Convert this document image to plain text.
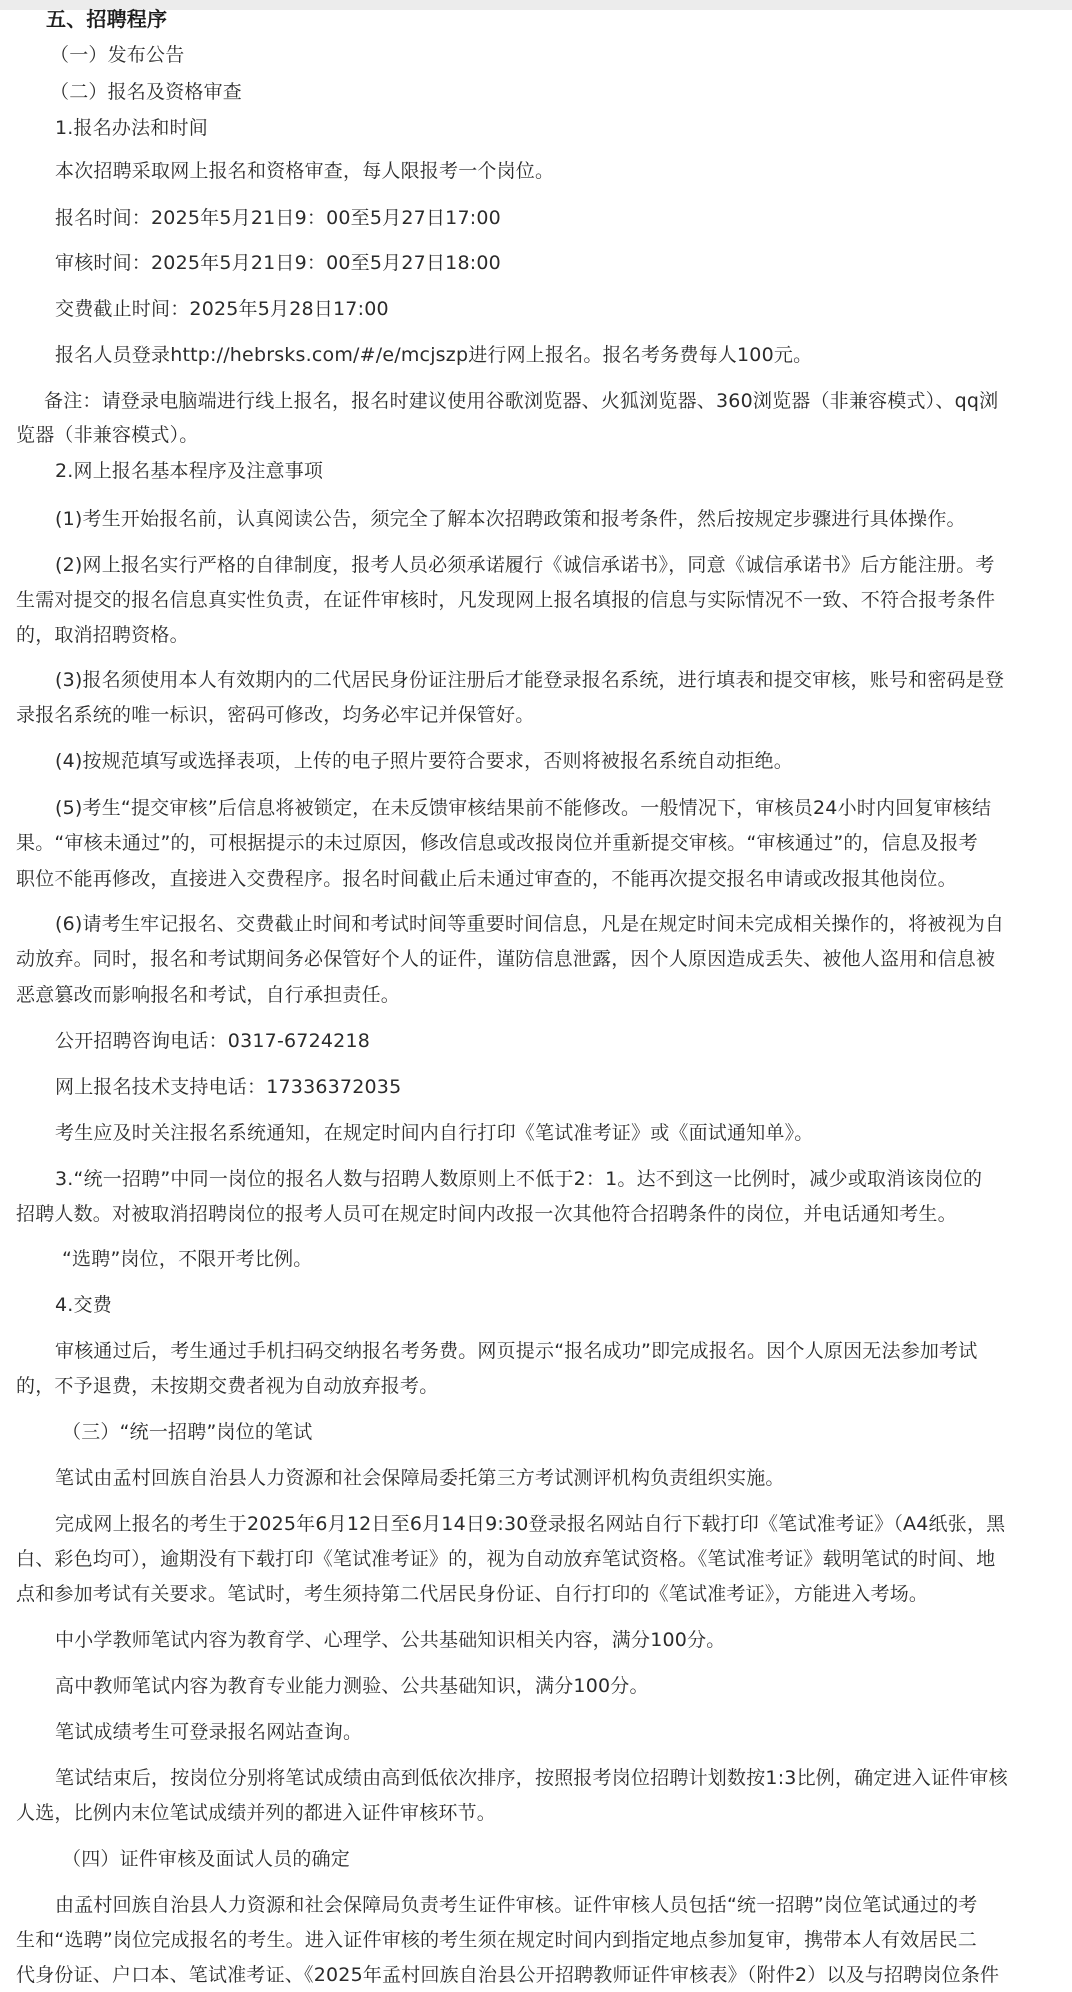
五、招聘程序
（一）发布公告
（二）报名及资格审查
1.报名办法和时间
本次招聘采取网上报名和资格审查，每人限报考一个岗位。
报名时间：2025年5月21日9：00至5月27日17:00
审核时间：2025年5月21日9：00至5月27日18:00
交费截止时间：2025年5月28日17:00
报名人员登录http://hebrsks.com/#/e/mcjszp进行网上报名。报名考务费每人100元。
备注：请登录电脑端进行线上报名，报名时建议使用谷歌浏览器、火狐浏览器、360浏览器（非兼容模式）、qq浏
览器（非兼容模式）。
2.网上报名基本程序及注意事项
(1)考生开始报名前，认真阅读公告，须完全了解本次招聘政策和报考条件，然后按规定步骤进行具体操作。
(2)网上报名实行严格的自律制度，报考人员必须承诺履行《诚信承诺书》，同意《诚信承诺书》后方能注册。考
生需对提交的报名信息真实性负责，在证件审核时，凡发现网上报名填报的信息与实际情况不一致、不符合报考条件
的，取消招聘资格。
(3)报名须使用本人有效期内的二代居民身份证注册后才能登录报名系统，进行填表和提交审核，账号和密码是登
录报名系统的唯一标识，密码可修改，均务必牢记并保管好。
(4)按规范填写或选择表项，上传的电子照片要符合要求，否则将被报名系统自动拒绝。
(5)考生“提交审核”后信息将被锁定，在未反馈审核结果前不能修改。一般情况下，审核员24小时内回复审核结
果。“审核未通过”的，可根据提示的未过原因，修改信息或改报岗位并重新提交审核。“审核通过”的，信息及报考
职位不能再修改，直接进入交费程序。报名时间截止后未通过审查的，不能再次提交报名申请或改报其他岗位。
(6)请考生牢记报名、交费截止时间和考试时间等重要时间信息，凡是在规定时间未完成相关操作的，将被视为自
动放弃。同时，报名和考试期间务必保管好个人的证件，谨防信息泄露，因个人原因造成丢失、被他人盗用和信息被
恶意篡改而影响报名和考试，自行承担责任。
公开招聘咨询电话：0317-6724218
网上报名技术支持电话：17336372035
考生应及时关注报名系统通知，在规定时间内自行打印《笔试准考证》或《面试通知单》。
3.“统一招聘”中同一岗位的报名人数与招聘人数原则上不低于2：1。达不到这一比例时，减少或取消该岗位的
招聘人数。对被取消招聘岗位的报考人员可在规定时间内改报一次其他符合招聘条件的岗位，并电话通知考生。
“选聘”岗位，不限开考比例。
4.交费
审核通过后，考生通过手机扫码交纳报名考务费。网页提示“报名成功”即完成报名。因个人原因无法参加考试
的，不予退费，未按期交费者视为自动放弃报考。
（三）“统一招聘”岗位的笔试
笔试由孟村回族自治县人力资源和社会保障局委托第三方考试测评机构负责组织实施。
完成网上报名的考生于2025年6月12日至6月14日9:30登录报名网站自行下载打印《笔试准考证》（A4纸张，黑
白、彩色均可），逾期没有下载打印《笔试准考证》的，视为自动放弃笔试资格。《笔试准考证》载明笔试的时间、地
点和参加考试有关要求。笔试时，考生须持第二代居民身份证、自行打印的《笔试准考证》，方能进入考场。
中小学教师笔试内容为教育学、心理学、公共基础知识相关内容，满分100分。
高中教师笔试内容为教育专业能力测验、公共基础知识，满分100分。
笔试成绩考生可登录报名网站查询。
笔试结束后，按岗位分别将笔试成绩由高到低依次排序，按照报考岗位招聘计划数按1:3比例，确定进入证件审核
人选，比例内末位笔试成绩并列的都进入证件审核环节。
（四）证件审核及面试人员的确定
由孟村回族自治县人力资源和社会保障局负责考生证件审核。证件审核人员包括“统一招聘”岗位笔试通过的考
生和“选聘”岗位完成报名的考生。进入证件审核的考生须在规定时间内到指定地点参加复审，携带本人有效居民二
代身份证、户口本、笔试准考证、《2025年孟村回族自治县公开招聘教师证件审核表》（附件2）以及与招聘岗位条件
